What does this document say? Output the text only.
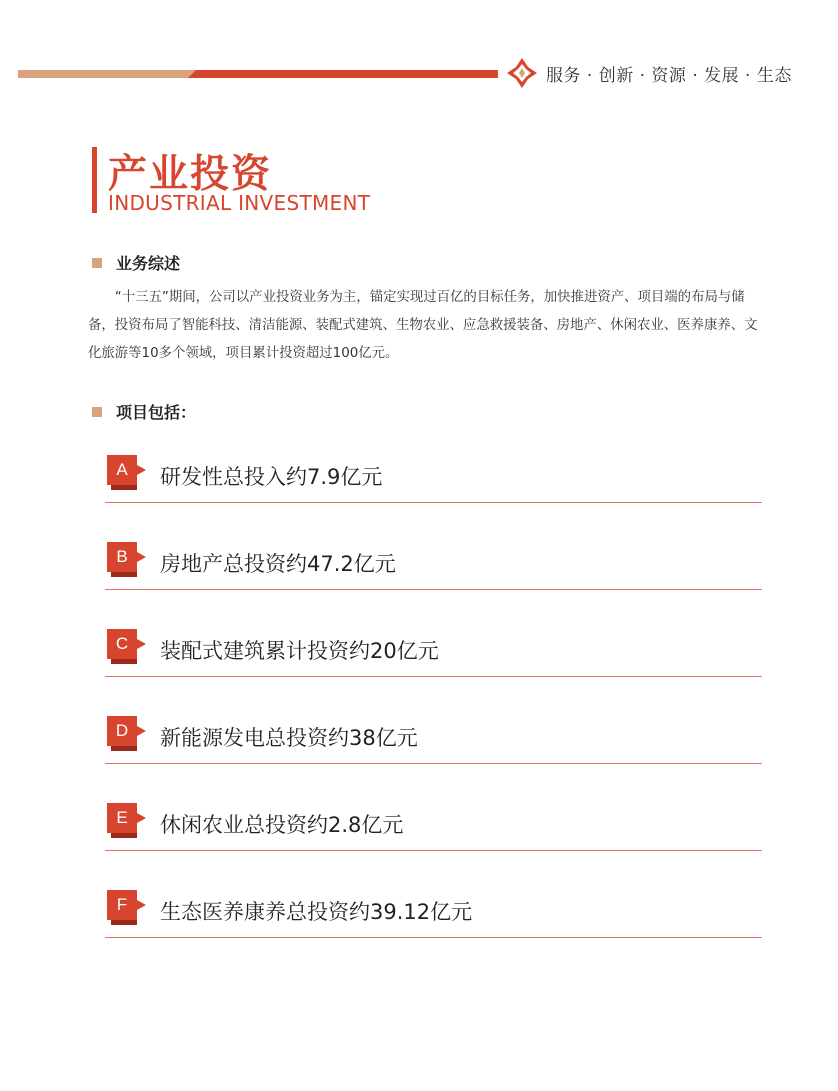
服务 · 创新 · 资源 · 发展 · 生态
产业投资
INDUSTRIAL INVESTMENT
业务综述

“十三五”期间，公司以产业投资业务为主，锚定实现过百亿的目标任务，加快推进资产、项目端的布局与储备，投资布局了智能科技、清洁能源、装配式建筑、生物农业、应急救援装备、房地产、休闲农业、医养康养、文化旅游等10多个领域，项目累计投资超过100亿元。

项目包括：
A	研发性总投入约7.9亿元
B	房地产总投资约47.2亿元
C	装配式建筑累计投资约20亿元
D	新能源发电总投资约38亿元
E	休闲农业总投资约2.8亿元
F	生态医养康养总投资约39.12亿元
